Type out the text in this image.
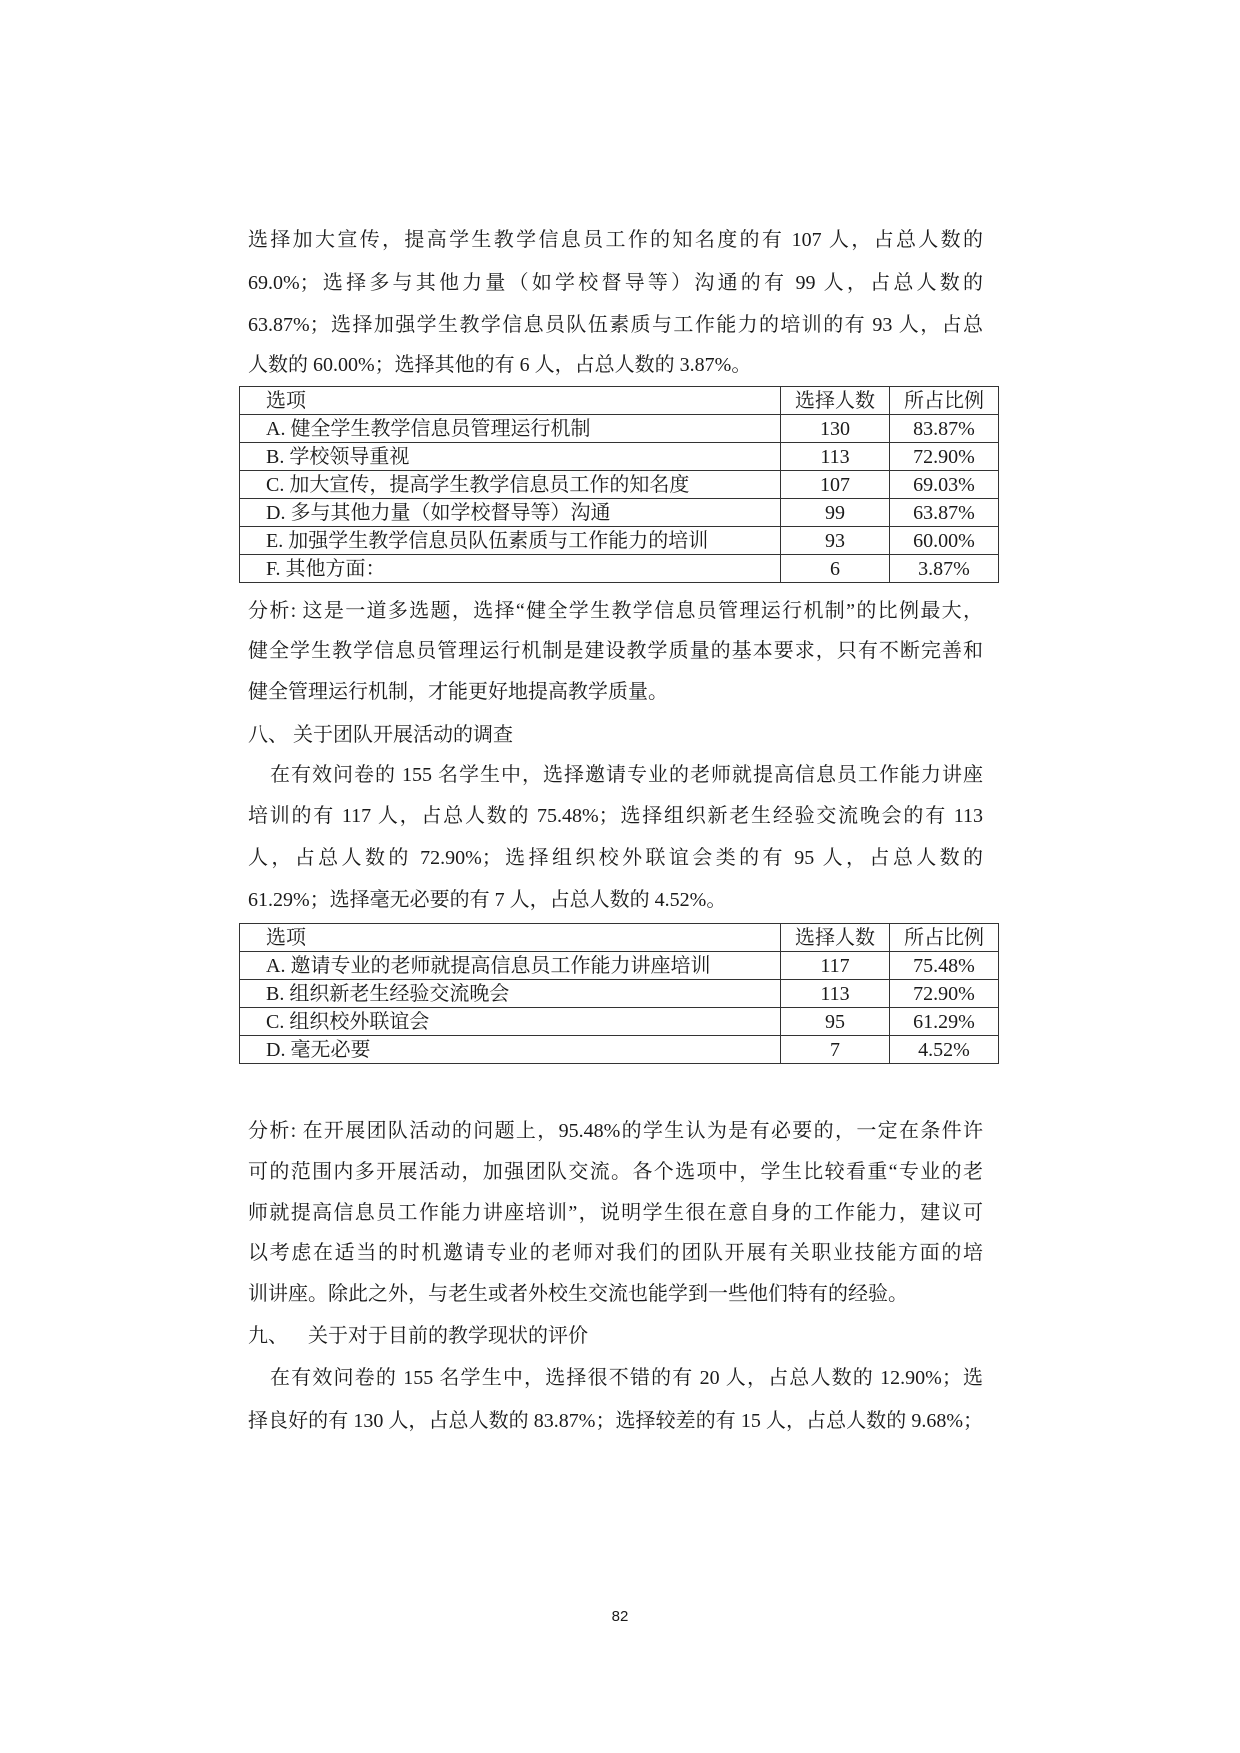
选择加大宣传，提高学生教学信息员工作的知名度的有 107 人，占总人数的
69.0%；选择多与其他力量（如学校督导等）沟通的有 99 人，占总人数的
63.87%；选择加强学生教学信息员队伍素质与工作能力的培训的有 93 人，占总
人数的 60.00%；选择其他的有 6 人，占总人数的 3.87%。
选项	选择人数	所占比例
A. 健全学生教学信息员管理运行机制	130	83.87%
B. 学校领导重视	113	72.90%
C. 加大宣传，提高学生教学信息员工作的知名度	107	69.03%
D. 多与其他力量（如学校督导等）沟通	99	63.87%
E. 加强学生教学信息员队伍素质与工作能力的培训	93	60.00%
F. 其他方面：	6	3.87%
分析: 这是一道多选题，选择“健全学生教学信息员管理运行机制”的比例最大，
健全学生教学信息员管理运行机制是建设教学质量的基本要求，只有不断完善和
健全管理运行机制，才能更好地提高教学质量。
八、 关于团队开展活动的调查
在有效问卷的 155 名学生中，选择邀请专业的老师就提高信息员工作能力讲座
培训的有 117 人，占总人数的 75.48%；选择组织新老生经验交流晚会的有 113
人，占总人数的 72.90%；选择组织校外联谊会类的有 95 人，占总人数的
61.29%；选择毫无必要的有 7 人，占总人数的 4.52%。
选项	选择人数	所占比例
A. 邀请专业的老师就提高信息员工作能力讲座培训	117	75.48%
B. 组织新老生经验交流晚会	113	72.90%
C. 组织校外联谊会	95	61.29%
D. 毫无必要	7	4.52%
分析: 在开展团队活动的问题上，95.48%的学生认为是有必要的，一定在条件许
可的范围内多开展活动，加强团队交流。各个选项中，学生比较看重“专业的老
师就提高信息员工作能力讲座培训”，说明学生很在意自身的工作能力，建议可
以考虑在适当的时机邀请专业的老师对我们的团队开展有关职业技能方面的培
训讲座。除此之外，与老生或者外校生交流也能学到一些他们特有的经验。
九、    关于对于目前的教学现状的评价
在有效问卷的 155 名学生中，选择很不错的有 20 人，占总人数的 12.90%；选
择良好的有 130 人，占总人数的 83.87%；选择较差的有 15 人，占总人数的 9.68%；
82
